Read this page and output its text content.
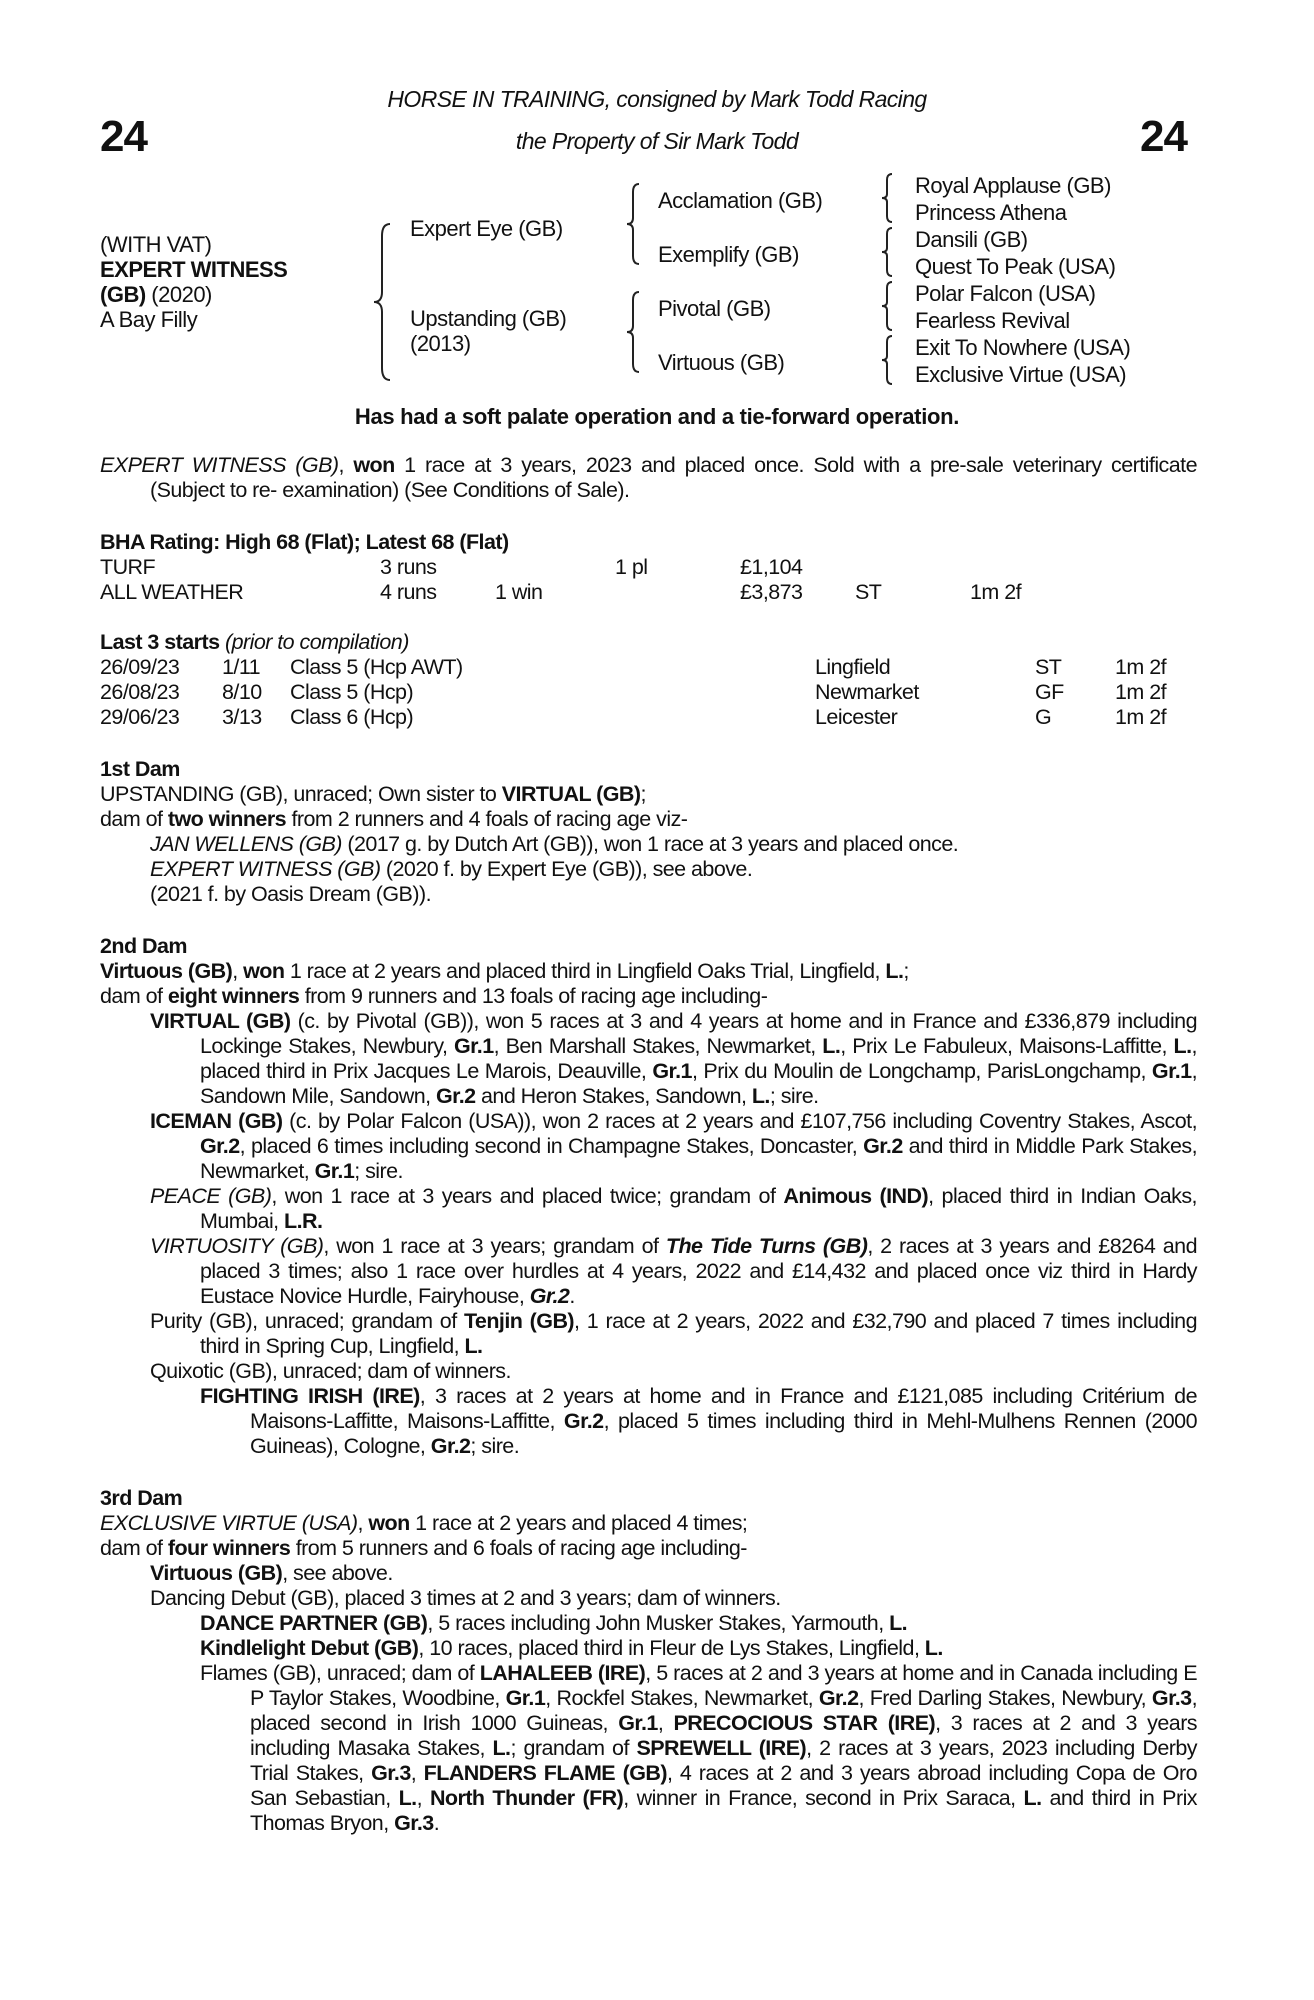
24	24
HORSE IN TRAINING, consigned by Mark Todd Racing
the Property of Sir Mark Todd
(WITH VAT)
EXPERT WITNESS
(GB) (2020)
A Bay Filly
Expert Eye (GB)
Upstanding (GB)
(2013)
Acclamation (GB)
Exemplify (GB)
Pivotal (GB)
Virtuous (GB)
Royal Applause (GB)
Princess Athena
Dansili (GB)
Quest To Peak (USA)
Polar Falcon (USA)
Fearless Revival
Exit To Nowhere (USA)
Exclusive Virtue (USA)
Has had a soft palate operation and a tie-forward operation.

EXPERT WITNESS (GB), won 1 race at 3 years, 2023 and placed once. Sold with a pre-sale veterinary certificate (Subject to re- examination) (See Conditions of Sale).

BHA Rating: High 68 (Flat); Latest 68 (Flat)

TURF	3 runs	1 pl	£1,104
ALL WEATHER	4 runs	1 win	£3,873 ST	1m 2f

Last 3 starts (prior to compilation)

26/09/23 1/11 Class 5 (Hcp AWT)	Lingfield	ST 1m 2f
26/08/23 8/10 Class 5 (Hcp)	Newmarket	GF 1m 2f
29/06/23 3/13 Class 6 (Hcp)	Leicester	G	1m 2f

1st Dam

UPSTANDING (GB), unraced; Own sister to VIRTUAL (GB);

dam of two winners from 2 runners and 4 foals of racing age viz-

JAN WELLENS (GB) (2017 g. by Dutch Art (GB)), won 1 race at 3 years and placed once.

EXPERT WITNESS (GB) (2020 f. by Expert Eye (GB)), see above.

(2021 f. by Oasis Dream (GB)).

2nd Dam

Virtuous (GB), won 1 race at 2 years and placed third in Lingfield Oaks Trial, Lingfield, L.;

dam of eight winners from 9 runners and 13 foals of racing age including-

VIRTUAL (GB) (c. by Pivotal (GB)), won 5 races at 3 and 4 years at home and in France and £336,879 including Lockinge Stakes, Newbury, Gr.1, Ben Marshall Stakes, Newmarket, L., Prix Le Fabuleux, Maisons-Laffitte, L., placed third in Prix Jacques Le Marois, Deauville, Gr.1, Prix du Moulin de Longchamp, ParisLongchamp, Gr.1, Sandown Mile, Sandown, Gr.2 and Heron Stakes, Sandown, L.; sire.

ICEMAN (GB) (c. by Polar Falcon (USA)), won 2 races at 2 years and £107,756 including Coventry Stakes, Ascot, Gr.2, placed 6 times including second in Champagne Stakes, Doncaster, Gr.2 and third in Middle Park Stakes, Newmarket, Gr.1; sire.

PEACE (GB), won 1 race at 3 years and placed twice; grandam of Animous (IND), placed third in Indian Oaks, Mumbai, L.R.

VIRTUOSITY (GB), won 1 race at 3 years; grandam of The Tide Turns (GB), 2 races at 3 years and £8264 and placed 3 times; also 1 race over hurdles at 4 years, 2022 and £14,432 and placed once viz third in Hardy Eustace Novice Hurdle, Fairyhouse, Gr.2.

Purity (GB), unraced; grandam of Tenjin (GB), 1 race at 2 years, 2022 and £32,790 and placed 7 times including third in Spring Cup, Lingfield, L.

Quixotic (GB), unraced; dam of winners.

FIGHTING IRISH (IRE), 3 races at 2 years at home and in France and £121,085 including Critérium de Maisons-Laffitte, Maisons-Laffitte, Gr.2, placed 5 times including third in Mehl-Mulhens Rennen (2000 Guineas), Cologne, Gr.2; sire.

3rd Dam

EXCLUSIVE VIRTUE (USA), won 1 race at 2 years and placed 4 times;

dam of four winners from 5 runners and 6 foals of racing age including-

Virtuous (GB), see above.

Dancing Debut (GB), placed 3 times at 2 and 3 years; dam of winners.

DANCE PARTNER (GB), 5 races including John Musker Stakes, Yarmouth, L.

Kindlelight Debut (GB), 10 races, placed third in Fleur de Lys Stakes, Lingfield, L.

Flames (GB), unraced; dam of LAHALEEB (IRE), 5 races at 2 and 3 years at home and in Canada including E P Taylor Stakes, Woodbine, Gr.1, Rockfel Stakes, Newmarket, Gr.2, Fred Darling Stakes, Newbury, Gr.3, placed second in Irish 1000 Guineas, Gr.1, PRECOCIOUS STAR (IRE), 3 races at 2 and 3 years including Masaka Stakes, L.; grandam of SPREWELL (IRE), 2 races at 3 years, 2023 including Derby Trial Stakes, Gr.3, FLANDERS FLAME (GB), 4 races at 2 and 3 years abroad including Copa de Oro San Sebastian, L., North Thunder (FR), winner in France, second in Prix Saraca, L. and third in Prix Thomas Bryon, Gr.3.
